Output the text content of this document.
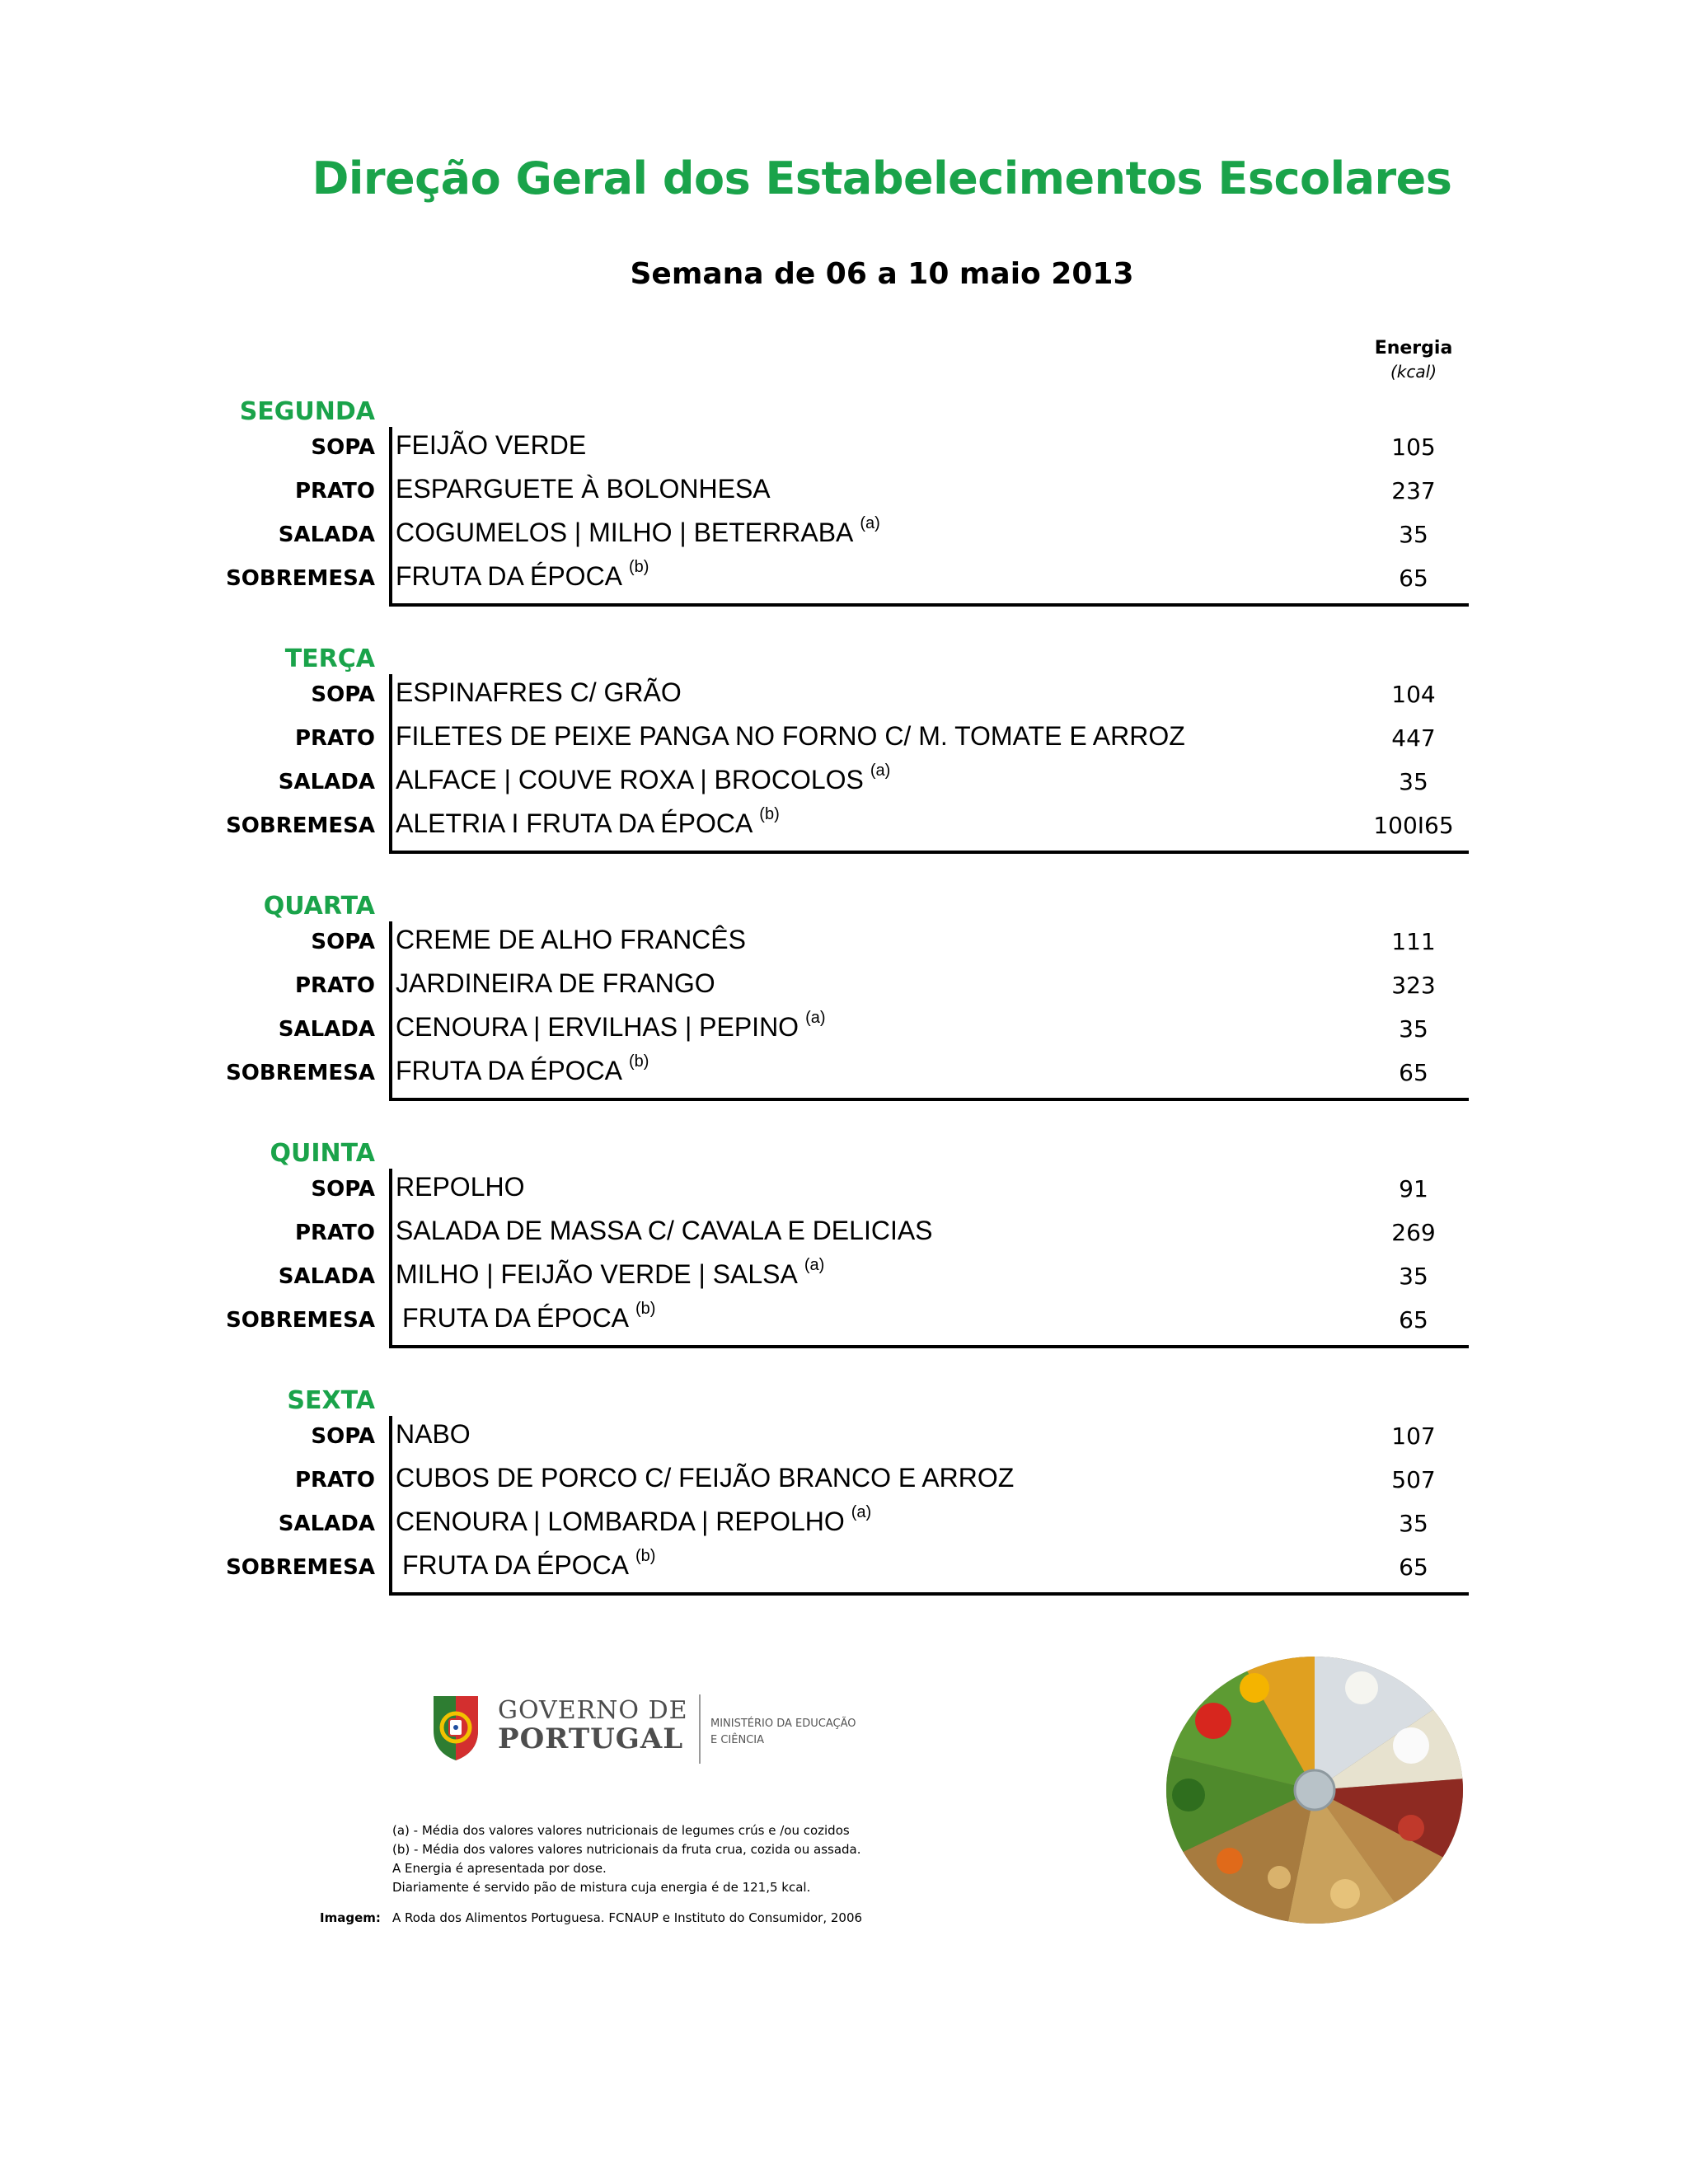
Direção Geral dos Estabelecimentos Escolares
Semana de 06 a 10 maio 2013
Energia
(kcal)
SEGUNDA
SOPA FEIJÃO VERDE	105
PRATO ESPARGUETE À BOLONHESA	237
SALADA COGUMELOS | MILHO | BETERRABA $^{(a)}$	35
SOBREMESA FRUTA DA ÉPOCA $^{(b)}$	65
TERÇA
SOPA ESPINAFRES C/ GRÃO	104
PRATO FILETES DE PEIXE PANGA NO FORNO C/ M. TOMATE E ARROZ	447
SALADA ALFACE | COUVE ROXA | BROCOLOS $^{(a)}$	35
SOBREMESA ALETRIA I FRUTA DA ÉPOCA $^{(b)}$	100I65
QUARTA
SOPA CREME DE ALHO FRANCÊS	111
PRATO JARDINEIRA DE FRANGO	323
SALADA CENOURA | ERVILHAS | PEPINO $^{(a)}$	35
SOBREMESA FRUTA DA ÉPOCA $^{(b)}$	65
QUINTA
SOPA REPOLHO	91
PRATO SALADA DE MASSA C/ CAVALA E DELICIAS	269
SALADA MILHO | FEIJÃO VERDE | SALSA $^{(a)}$	35
SOBREMESA FRUTA DA ÉPOCA $^{(b)}$	65
SEXTA
SOPA NABO	107
PRATO CUBOS DE PORCO C/ FEIJÃO BRANCO E ARROZ	507
SALADA CENOURA | LOMBARDA | REPOLHO $^{(a)}$	35
SOBREMESA FRUTA DA ÉPOCA $^{(b)}$	65
GOVERNO DE
PORTUGAL	MINISTÉRIO DA EDUCAÇÃO
E CIÊNCIA
(a) - Média dos valores valores nutricionais de legumes crús e /ou cozidos
(b) - Média dos valores valores nutricionais da fruta crua, cozida ou assada.
A Energia é apresentada por dose.
Diariamente é servido pão de mistura cuja energia é de 121,5 kcal.
Imagem: A Roda dos Alimentos Portuguesa. FCNAUP e Instituto do Consumidor, 2006
